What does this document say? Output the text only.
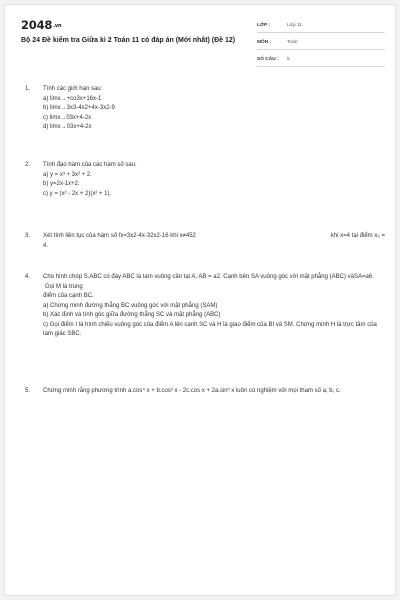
2048.vn
Bộ 24 Đề kiểm tra Giữa kì 2 Toán 11 có đáp án (Mới nhất) (Đề 12)
LỚP :	Lớp 11
MÔN :	Toán
SỐ CÂU :	5
1. Tính các giới hạn sau:
a) limx→+co3x+16x-1
b) limx→3x3-4x2+4x-3x2-9
c) limx→03x+4-2x
d) limx→03x+4-2x
2. Tính đạo hàm của các hàm số sau:
a) y = x³ + 3x² + 2.
b) y=2x-1x+2.
c) y = (x² - 2x + 2)(x² + 1).
3. Xét tính liên tục của hàm số fx=3x2-4x-32x2-16 khi x≠452
4.
khi x=4 tại điểm x₀ =
4. Cho hình chóp S.ABC có đáy ABC là tam vuông cân tại A, AB = a2. Cạnh bên SA vuông góc với mặt phẳng (ABC) vàSA=a6.
Gọi M là trung
điểm của cạnh BC.
a) Chứng minh đường thẳng BC vuông góc với mặt phẳng (SAM)
b) Xác định và tính góc giữa đường thẳng SC và mặt phẳng (ABC)
c) Gọi điểm I là hình chiếu vuông góc của điểm A lên cạnh SC và H là giao điểm của BI và SM. Chứng minh H là trực tâm của tam giác SBC.
5. Chứng minh rằng phương trình a.cos⁴ x + b.cos³ x - 2c.cos x + 2a.sin³ x luôn có nghiệm với mọi tham số a, b, c.
